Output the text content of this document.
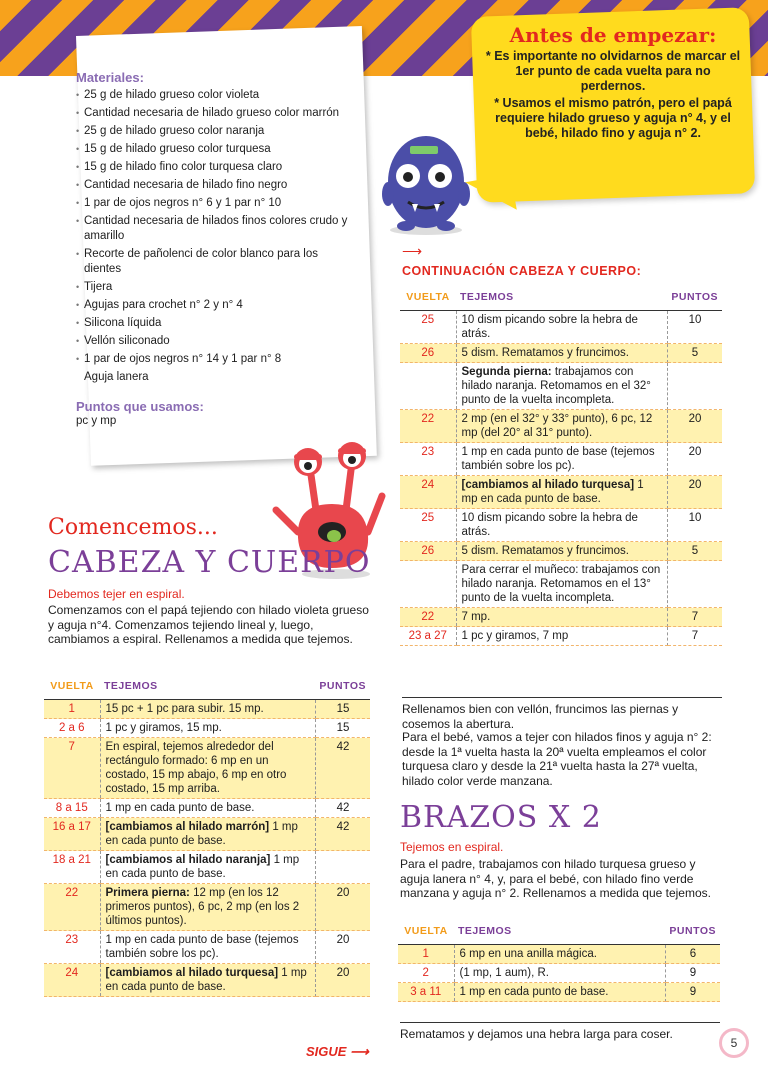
Materiales:
• 25 g de hilado grueso color violeta
• Cantidad necesaria de hilado grueso color marrón
• 25 g de hilado grueso color naranja
• 15 g de hilado grueso color turquesa
• 15 g de hilado fino color turquesa claro
• Cantidad necesaria de hilado fino negro
• 1 par de ojos negros n° 6 y 1 par n° 10
• Cantidad necesaria de hilados finos colores crudo y amarillo
• Recorte de pañolenci de color blanco para los dientes
• Tijera
• Agujas para crochet n° 2 y n° 4
• Silicona líquida
• Vellón siliconado
• 1 par de ojos negros n° 14 y 1 par n° 8
Aguja lanera
Puntos que usamos:
pc y mp
Antes de empezar:

* Es importante no olvidarnos de marcar el 1er punto de cada vuelta para no perdernos.

* Usamos el mismo patrón, pero el papá requiere hilado grueso y aguja n° 4, y el bebé, hilado fino y aguja n° 2.

Comencemos...
CABEZA Y CUERPO
Debemos tejer en espiral.
Comenzamos con el papá tejiendo con hilado violeta grueso y aguja n°4. Comenzamos tejiendo lineal y, luego, cambiamos a espiral. Rellenamos a medida que tejemos.
VUELTA	TEJEMOS	PUNTOS
1	15 pc + 1 pc para subir. 15 mp.	15
2 a 6	1 pc y giramos, 15 mp.	15
7	En espiral, tejemos alrededor del rectángulo formado: 6 mp en un costado, 15 mp abajo, 6 mp en otro costado, 15 mp arriba.	42
8 a 15	1 mp en cada punto de base.	42
16 a 17	[cambiamos al hilado marrón] 1 mp en cada punto de base.	42
18 a 21	[cambiamos al hilado naranja] 1 mp en cada punto de base.	
22	Primera pierna: 12 mp (en los 12 primeros puntos), 6 pc, 2 mp (en los 2 últimos puntos).	20
23	1 mp en cada punto de base (tejemos también sobre los pc).	20
24	[cambiamos al hilado turquesa] 1 mp en cada punto de base.	20
⟶
CONTINUACIÓN CABEZA Y CUERPO:
VUELTA	TEJEMOS	PUNTOS
25	10 dism picando sobre la hebra de atrás.	10
26	5 dism. Rematamos y fruncimos.	5
	Segunda pierna: trabajamos con hilado naranja. Retomamos en el 32° punto de la vuelta incompleta.	
22	2 mp (en el 32° y 33° punto), 6 pc, 12 mp (del 20° al 31° punto).	20
23	1 mp en cada punto de base (tejemos también sobre los pc).	20
24	[cambiamos al hilado turquesa] 1 mp en cada punto de base.	20
25	10 dism picando sobre la hebra de atrás.	10
26	5 dism. Rematamos y fruncimos.	5
	Para cerrar el muñeco: trabajamos con hilado naranja. Retomamos en el 13° punto de la vuelta incompleta.	
22	7 mp.	7
23 a 27	1 pc y giramos, 7 mp	7
Rellenamos bien con vellón, fruncimos las piernas y cosemos la abertura.
Para el bebé, vamos a tejer con hilados finos y aguja n° 2: desde la 1ª vuelta hasta la 20ª vuelta empleamos el color turquesa claro y desde la 21ª vuelta hasta la 27ª vuelta, hilado color verde manzana.
BRAZOS X 2
Tejemos en espiral.
Para el padre, trabajamos con hilado turquesa grueso y aguja lanera n° 4, y, para el bebé, con hilado fino verde manzana y aguja n° 2. Rellenamos a medida que tejemos.
VUELTA	TEJEMOS	PUNTOS
1	6 mp en una anilla mágica.	6
2	(1 mp, 1 aum), R.	9
3 a 11	1 mp en cada punto de base.	9
Rematamos y dejamos una hebra larga para coser.
SIGUE ⟶
5
